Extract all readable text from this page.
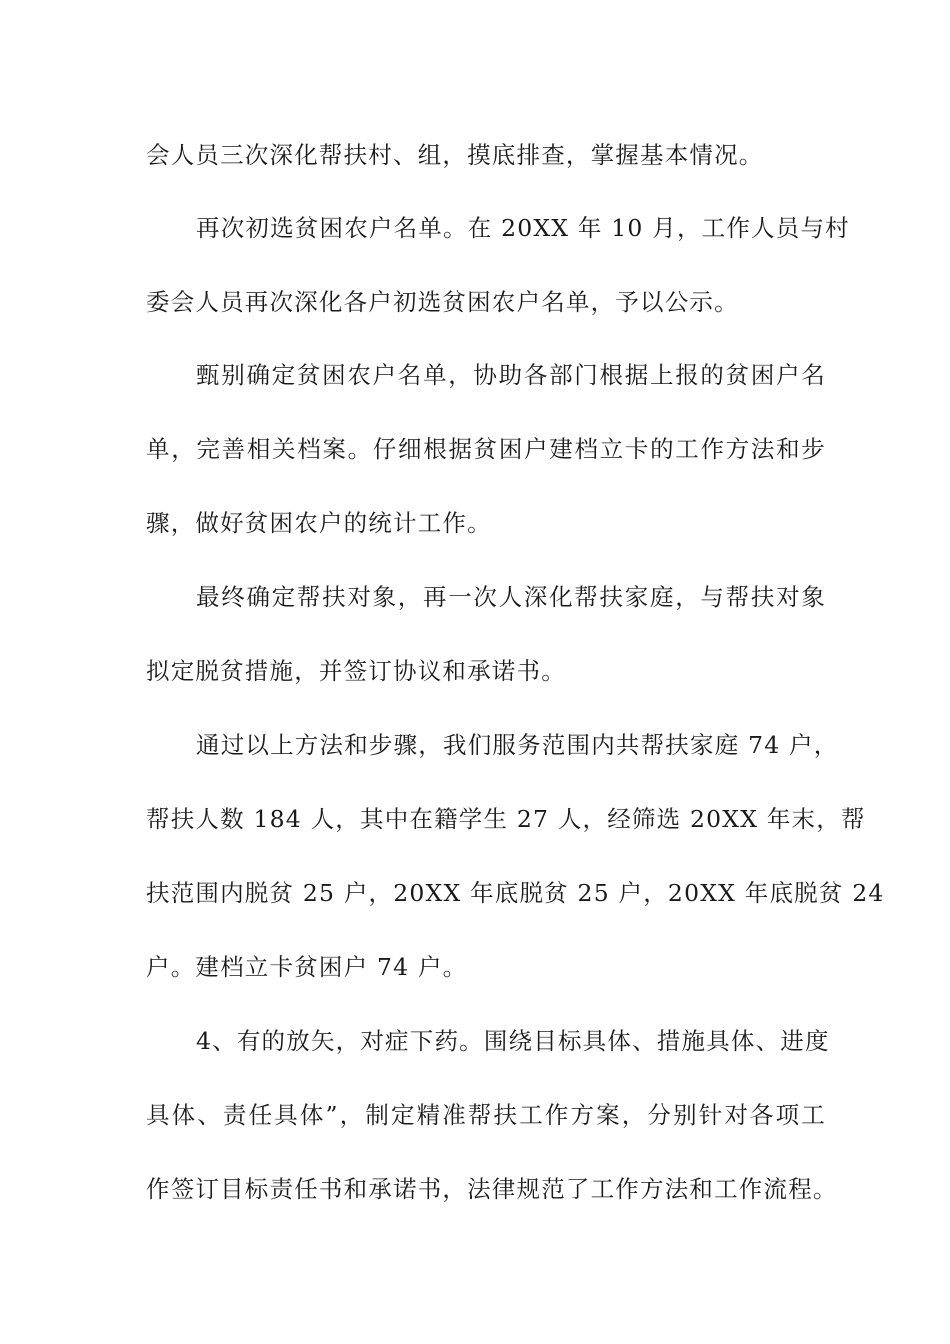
会人员三次深化帮扶村、组，摸底排查，掌握基本情况。
再次初选贫困农户名单。在 20XX 年 10 月，工作人员与村
委会人员再次深化各户初选贫困农户名单，予以公示。
甄别确定贫困农户名单，协助各部门根据上报的贫困户名
单，完善相关档案。仔细根据贫困户建档立卡的工作方法和步
骤，做好贫困农户的统计工作。
最终确定帮扶对象，再一次人深化帮扶家庭，与帮扶对象
拟定脱贫措施，并签订协议和承诺书。
通过以上方法和步骤，我们服务范围内共帮扶家庭 74 户，
帮扶人数 184 人，其中在籍学生 27 人，经筛选 20XX 年末，帮
扶范围内脱贫 25 户，20XX 年底脱贫 25 户，20XX 年底脱贫 24
户。建档立卡贫困户 74 户。
4、有的放矢，对症下药。围绕目标具体、措施具体、进度
具体、责任具体”，制定精准帮扶工作方案，分别针对各项工
作签订目标责任书和承诺书，法律规范了工作方法和工作流程。
